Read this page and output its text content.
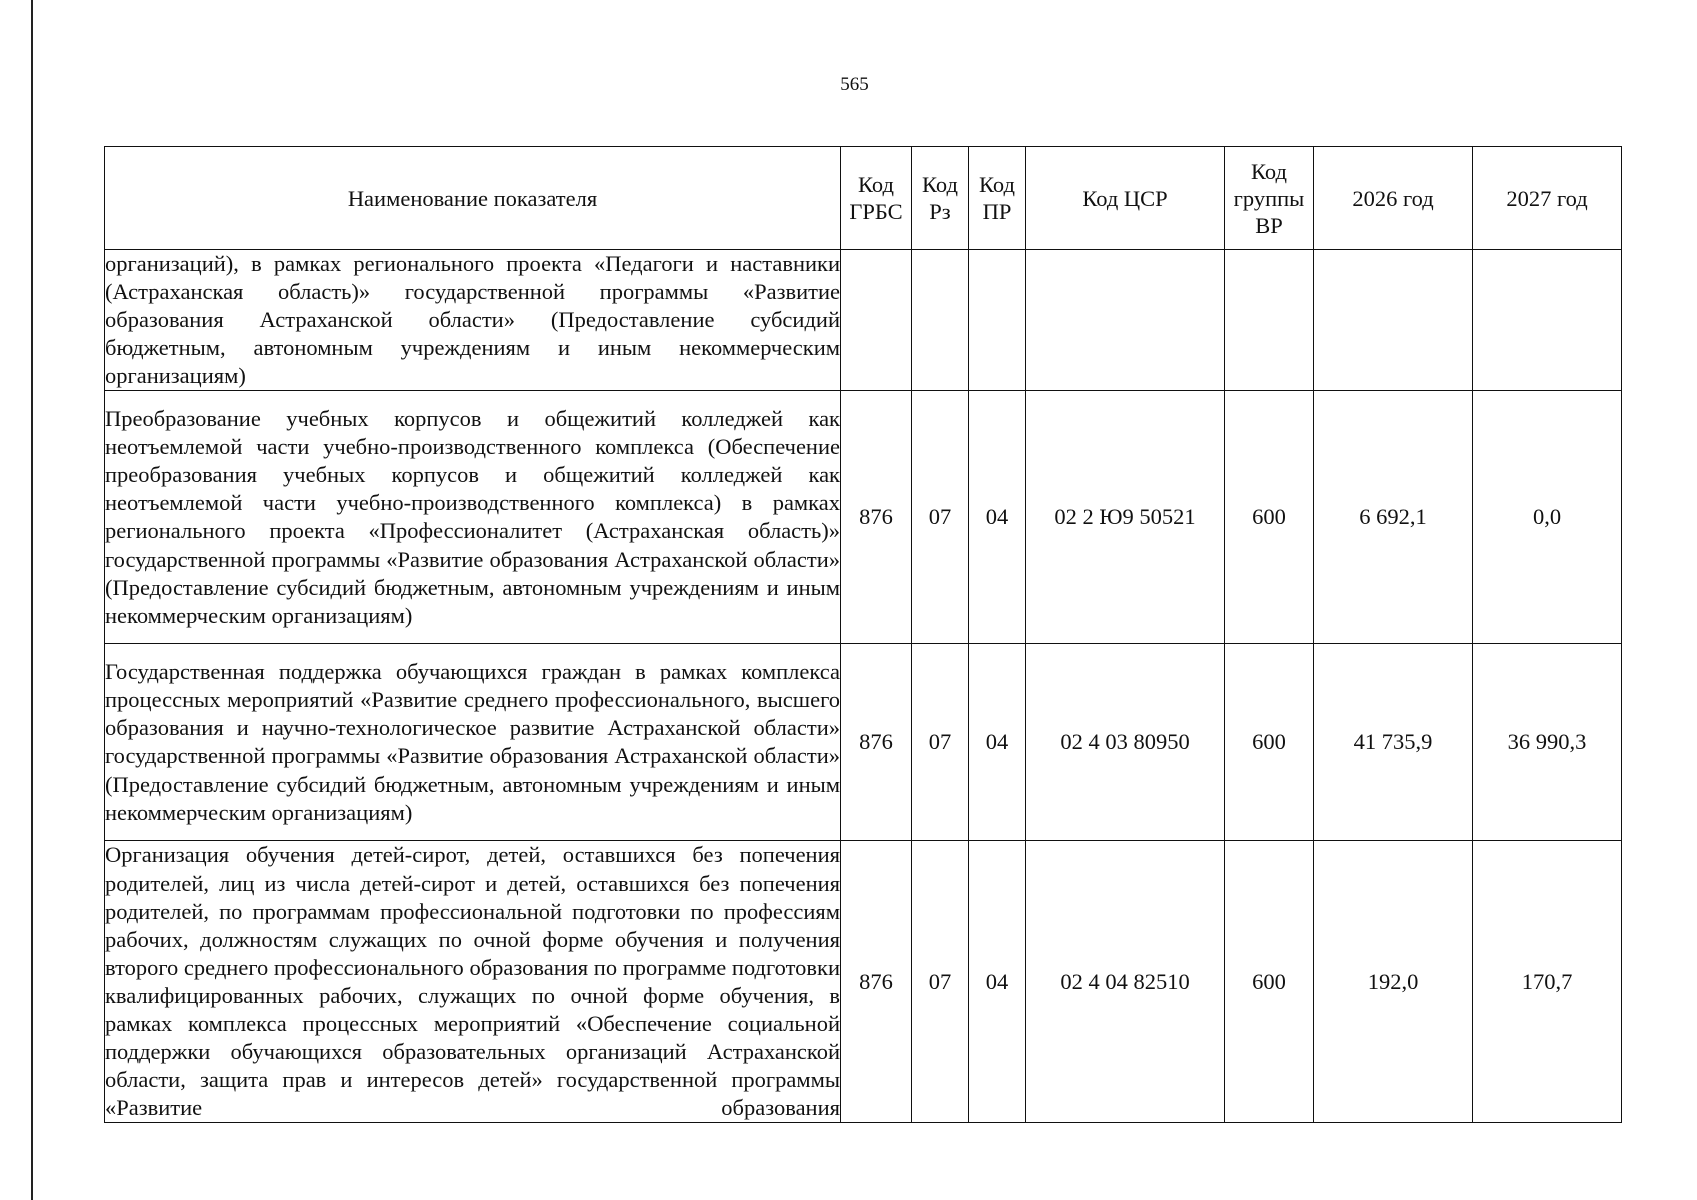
565
Наименование показателя	Код ГРБС	Код Рз	Код ПР	Код ЦСР	Код группы ВР	2026 год	2027 год

организаций), в рамках регионального проекта «Педагоги и наставники (Астраханская область)» государственной программы «Развитие образования Астраханской области» (Предоставление субсидий бюджетным, автономным учреждениям и иным некоммерческим организациям)							

Преобразование учебных корпусов и общежитий колледжей как неотъемлемой части учебно-производственного комплекса (Обеспечение преобразования учебных корпусов и общежитий колледжей как неотъемлемой части учебно-производственного комплекса) в рамках регионального проекта «Профессионалитет (Астраханская область)» государственной программы «Развитие образования Астраханской области» (Предоставление субсидий бюджетным, автономным учреждениям и иным некоммерческим организациям)	876	07	04	02 2 Ю9 50521	600	6 692,1	0,0

Государственная поддержка обучающихся граждан в рамках комплекса процессных мероприятий «Развитие среднего профессионального, высшего образования и научно-технологическое развитие Астраханской области» государственной программы «Развитие образования Астраханской области» (Предоставление субсидий бюджетным, автономным учреждениям и иным некоммерческим организациям)	876	07	04	02 4 03 80950	600	41 735,9	36 990,3

Организация обучения детей-сирот, детей, оставшихся без попечения родителей, лиц из числа детей-сирот и детей, оставшихся без попечения родителей, по программам профессиональной подготовки по профессиям рабочих, должностям служащих по очной форме обучения и получения второго среднего профессионального образования по программе подготовки квалифицированных рабочих, служащих по очной форме обучения, в рамках комплекса процессных мероприятий «Обеспечение социальной поддержки обучающихся образовательных организаций Астраханской области, защита прав и интересов детей» государственной программы «Развитие образования	876	07	04	02 4 04 82510	600	192,0	170,7
